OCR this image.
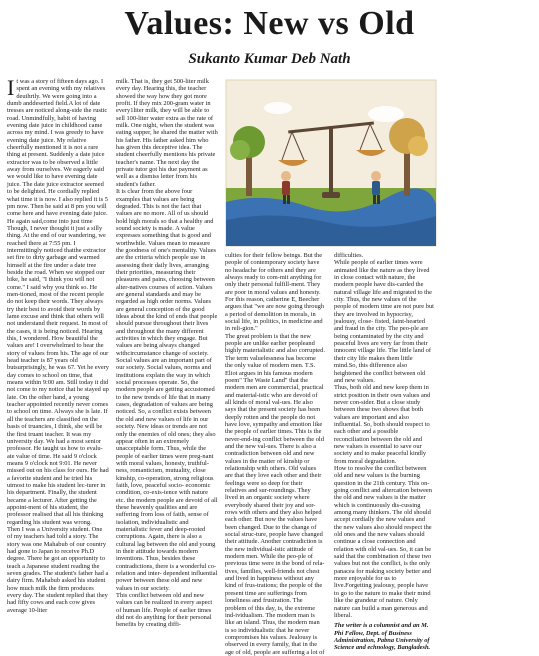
Values: New vs Old
Sukanto Kumar Deb Nath

It was a story of fifteen days ago. I spent an evening with my relatives deuihrtly. We were going into a dumb anddeserted field.A lot of date tresses are noticed along-side the rustic road. Unmindfully, habit of having evening date juice in childhood came across my mind. I was greedy to have evening date juice. My relative cheerfully mentioned it is not a rare thing at present. Suddenly a date juice extractor was to be observed a little away from ourselves. We eagerly said we would like to have evening date juice. The date juice extractor seemed to be delighted. He cordially replied what time it is now. I also replied it is 5 pm now. Then he said at 8 pm you will come here and have evening date juice. He again said,come into just time Though, I never thought it just a silly thing. At the end of our wandering, we reached there at 7:55 pm. I intermittingly noticed thatthe extractor set fire to dirty garbage and warmed himself at the fire under a date tree beside the road. When we stopped our bike, he said, "I think you will not come." I said why you think so. He men-tioned, most of the recent people do not keep their words. They always try their best to avoid their words by lame excuse and think that others will not understand their request. In most of the cases, it is being noticed. Hearing this, I wondered. How beautiful the values are! I overwhelmed to hear the story of values from his. The age of our head teacher is 87 years old butsurprisingly, he was 67. Yet he every day comes to school on time, that means within 9:00 am. Still today it did not come to my notice that he stayed up late. On the other hand, a young teacher appointed recently never comes to school on time. Always she is late. If all the teachers are classified on the basis of truancies, I think, she will be the first truant teacher. It was my university day. We had a most senior professor. He taught us how to evalu-ate value of time. He said 9 o'clock means 9 o'clock not 9:01. He never missed out on his class for ours. He had a favorite student and he tried his utmost to make his student lec-turer in his department. Finally, the student became a lecturer. After getting the appoint-ment of his student, the professor realised that all his thinking regarding his student was wrong.

Then I was a University student. One of my teachers had told a story. The story was one Mahabub of our country had gone to Japan to receive Ph.D degree. There he got an opportunity to teach a Japanese student reading the seven grades. The student's father had a dairy firm. Mahabub asked his student how much milk the firm produces every day. The student replied that they had fifty cows and each cow gives average 10-liter

milk. That is, they get 500-liter milk every day. Hearing this, the teacher showed the way how they got more profit. If they mix 200-gram water in every1liter milk, they will be able to sell 100-liter water extra as the rate of milk. One night, when the student was eating supper, he shared the matter with his father. His father asked him who has given this deceptive idea. The student cheerfully mentions his private teacher's name. The next day the private tutor got his due payment as well as a dismiss letter from his student's father.

It is clear from the above four examples that values are being degraded. This is not the fact that values are no more. All of us should hold high morals so that a healthy and sound society is made. A value expresses something that is good and worthwhile. Values mean to measure the goodness of one's mentality. Values are the criteria which people use in assessing their daily lives, arranging their priorities, measuring their pleasures and pains, choosing between alter-natives courses of action. Values are general standards and may be regarded as high order norms. Values are general conception of the good ideas about the kind of ends that people should pursue throughout their lives and throughout the many different activities in which they engage. But values are being always changed withcircumstance change of society. Social values are an important part of our society. Social values, norms and institutions explain the way in which social processes operate. So, the modern people are getting accustomed to the new trends of life that in many cases, degradation of values are being noticed. So, a conflict exists between the old and new values of life in our society. New ideas or trends are not only the enemies of old ones; they also appear often in an extremely unacceptable form. Thus, while the people of earlier times were preg-nant with moral values, honesty, truthful-ness, romanticism, mutuality, close kinship, co-operation, strong religious faith, love, peaceful socio- economic condition, co-exis-tence with nature etc. the modern people are devoid of all these heavenly qualities and are suffering from loss of faith, sense of isolation, individualistic and materialistic fever and deep-rooted corruptions. Again, there is also a cultural lag between the old and young in their attitude towards modern inventions. Thus, besides these contradictions, there is a wonderful co-relation and inter- dependent influential power between these old and new values in our society.

This conflict between old and new values can be realized in every aspect of human life. People of earlier times did not do anything for their personal benefits by creating diffi-

culties for their fellow beings. But the people of contemporary society have no headache for others and they are always ready to com-mit anything for only their personal fulfill-ment. They are poor in moral values and honesty. For this reason, catherine E, Beecher argues that "we are now going through a period of demolition in morals, in social life, in politics, in medicine and in reli-gion."

The great problem is that the new people are unlike earlier peopleand highly materialistic and also corrupted. The term valuelessness has become the only value of modern men. T.S. Eliot argues in his famous modern poem" The Waste Land" that the modern men are commercial, practical and material-istic who are devoid of all kinds of moral val-ues. He also says that the present society has been deeply rotten and the people do not have love, sympathy and emotion like the people of earlier times. This is the never-end-ing conflict between the old and the new val-ues. There is also a contradiction between old and new values in the matter of kinship or relationship with others. Old values are that they love each other and their feelings were so deep for their relatives and sur-roundings. They lived in an organic society where everybody shared their joy and sor-rows with others and they also helped each other. But now the values have been changed. Due to the change of social struc-ture, people have changed their attitude. Another contradiction is the new individual-istic attitude of modern men. While the peo-ple of previous time were in the bond of rela-tives, families, well-friends not chest and lived in happiness without any kind of frus-trations; the people of the present time are sufferings from loneliness and frustration. The problem of this day, is, the extreme ind-ividualism. The modern man is like an island. Thus, the modern man is so individualistic that he never compromises his values. Jealousy is observed in every family, that in the age of old, people are suffering a lot of

difficulties.

While people of earlier times were animated like the nature as they lived in close contact with nature, the modern people have dis-carded the natural village life and migrated to the city. Thus, the new values of the people of modern time are not pure but they are involved in hypocrisy, jealousy, close- fisted, faint-hearted and fraud in the city. The peo-ple are being contaminated by the city and peaceful lives are very far from their innocent village life. The little land of their city life makes them little mind.So, this difference also heightened the conflict between old and new values.

Thus, both old and new keep them in strict position in their own values and never con-sider. But a close study between these two shows that both values are important and also influential. So, both should respect to each other and a possible reconciliation between the old and new values is essential to save our society and to make peaceful kindly from moral degradation.

How to resolve the conflict between old and new values is the burning question in the 21th century. This on-going conflict and altercation between the old and new values is the matter which is continuously dis-cussing among many thinkers. The old should accept cordially the new values and the new values also should respect the old ones and the new values should continue a close connection and relation with old val-ues. So, it can be said that the combination of these two values but not the conflict, is the only panacea for making society better and more enjoyable for us to live.Forgetting jealousy, people have to go to the nature to make their mind like the grandeur of nature. Only nature can build a man generous and liberal.

The writer is a columnist and an M. Phi Fellow, Dept. of Business Administration, Pabna University of Science and echnology, Bangladesh.
